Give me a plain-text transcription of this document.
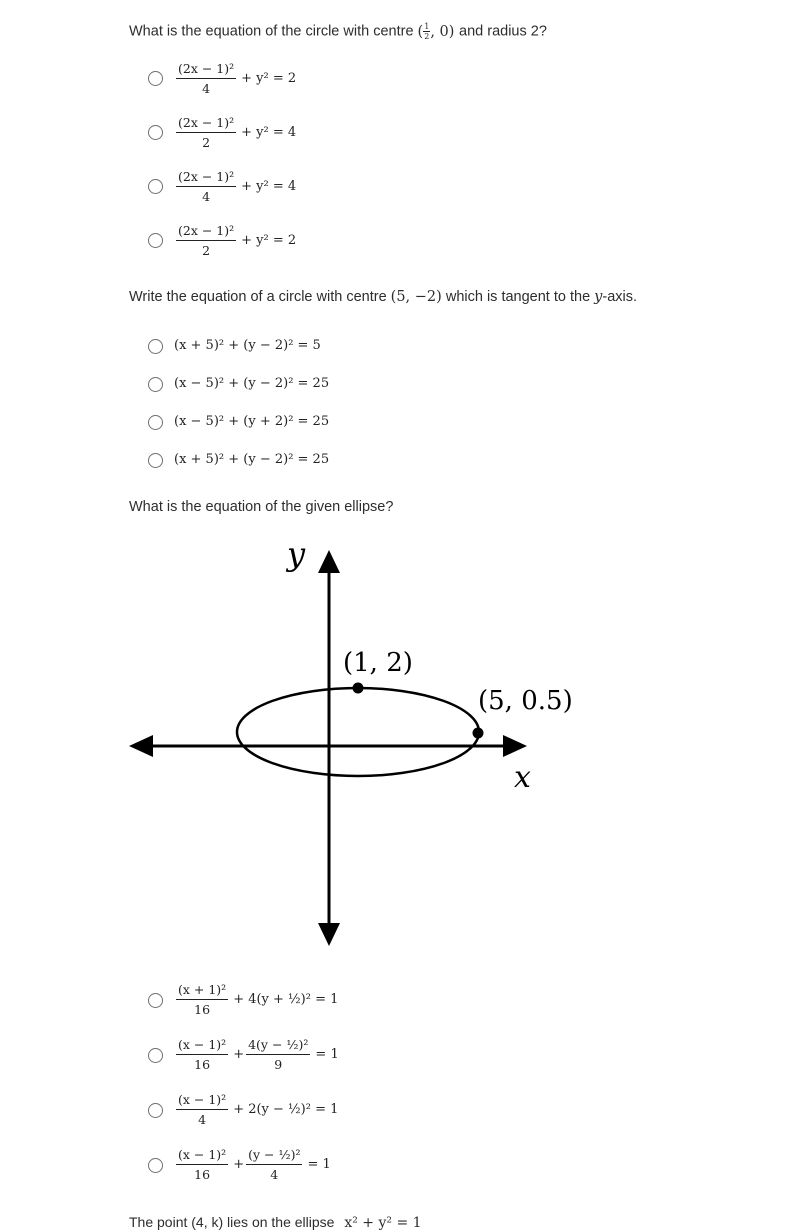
What is the equation of the circle with centre ( $\frac{1}{2}$ , 0) and radius 2?
$\frac{\text{(2x − 1)²}}{4} + y^2 = 2$
$\frac{\text{(2x − 1)²}}{2} + y^2 = 4$
$\frac{\text{(2x − 1)²}}{4} + y^2 = 4$
$\frac{\text{(2x − 1)²}}{2} + y^2 = 2$
Write the equation of a circle with centre (5, −2) which is tangent to the y-axis.
(x + 5)² + (y − 2)² = 5
(x − 5)² + (y − 2)² = 25
(x − 5)² + (y + 2)² = 25
(x + 5)² + (y − 2)² = 25
What is the equation of the given ellipse?
y
x
(1, 2)
(5, 0.5)
$\frac{\text{(x + 1)²}}{16} + 4(y$ + ½)² = 1
$\frac{\text{(x − 1)²}}{16} + \frac{\text{4(y − ½)²}}{9} = 1$
$\frac{\text{(x − 1)²}}{4} + 2(y$ − ½)² = 1
$\frac{\text{(x − 1)²}}{16} + \frac{\text{(y − ½)²}}{4} = 1$
The point (4, k) lies on the ellipse x² + y² = 1
